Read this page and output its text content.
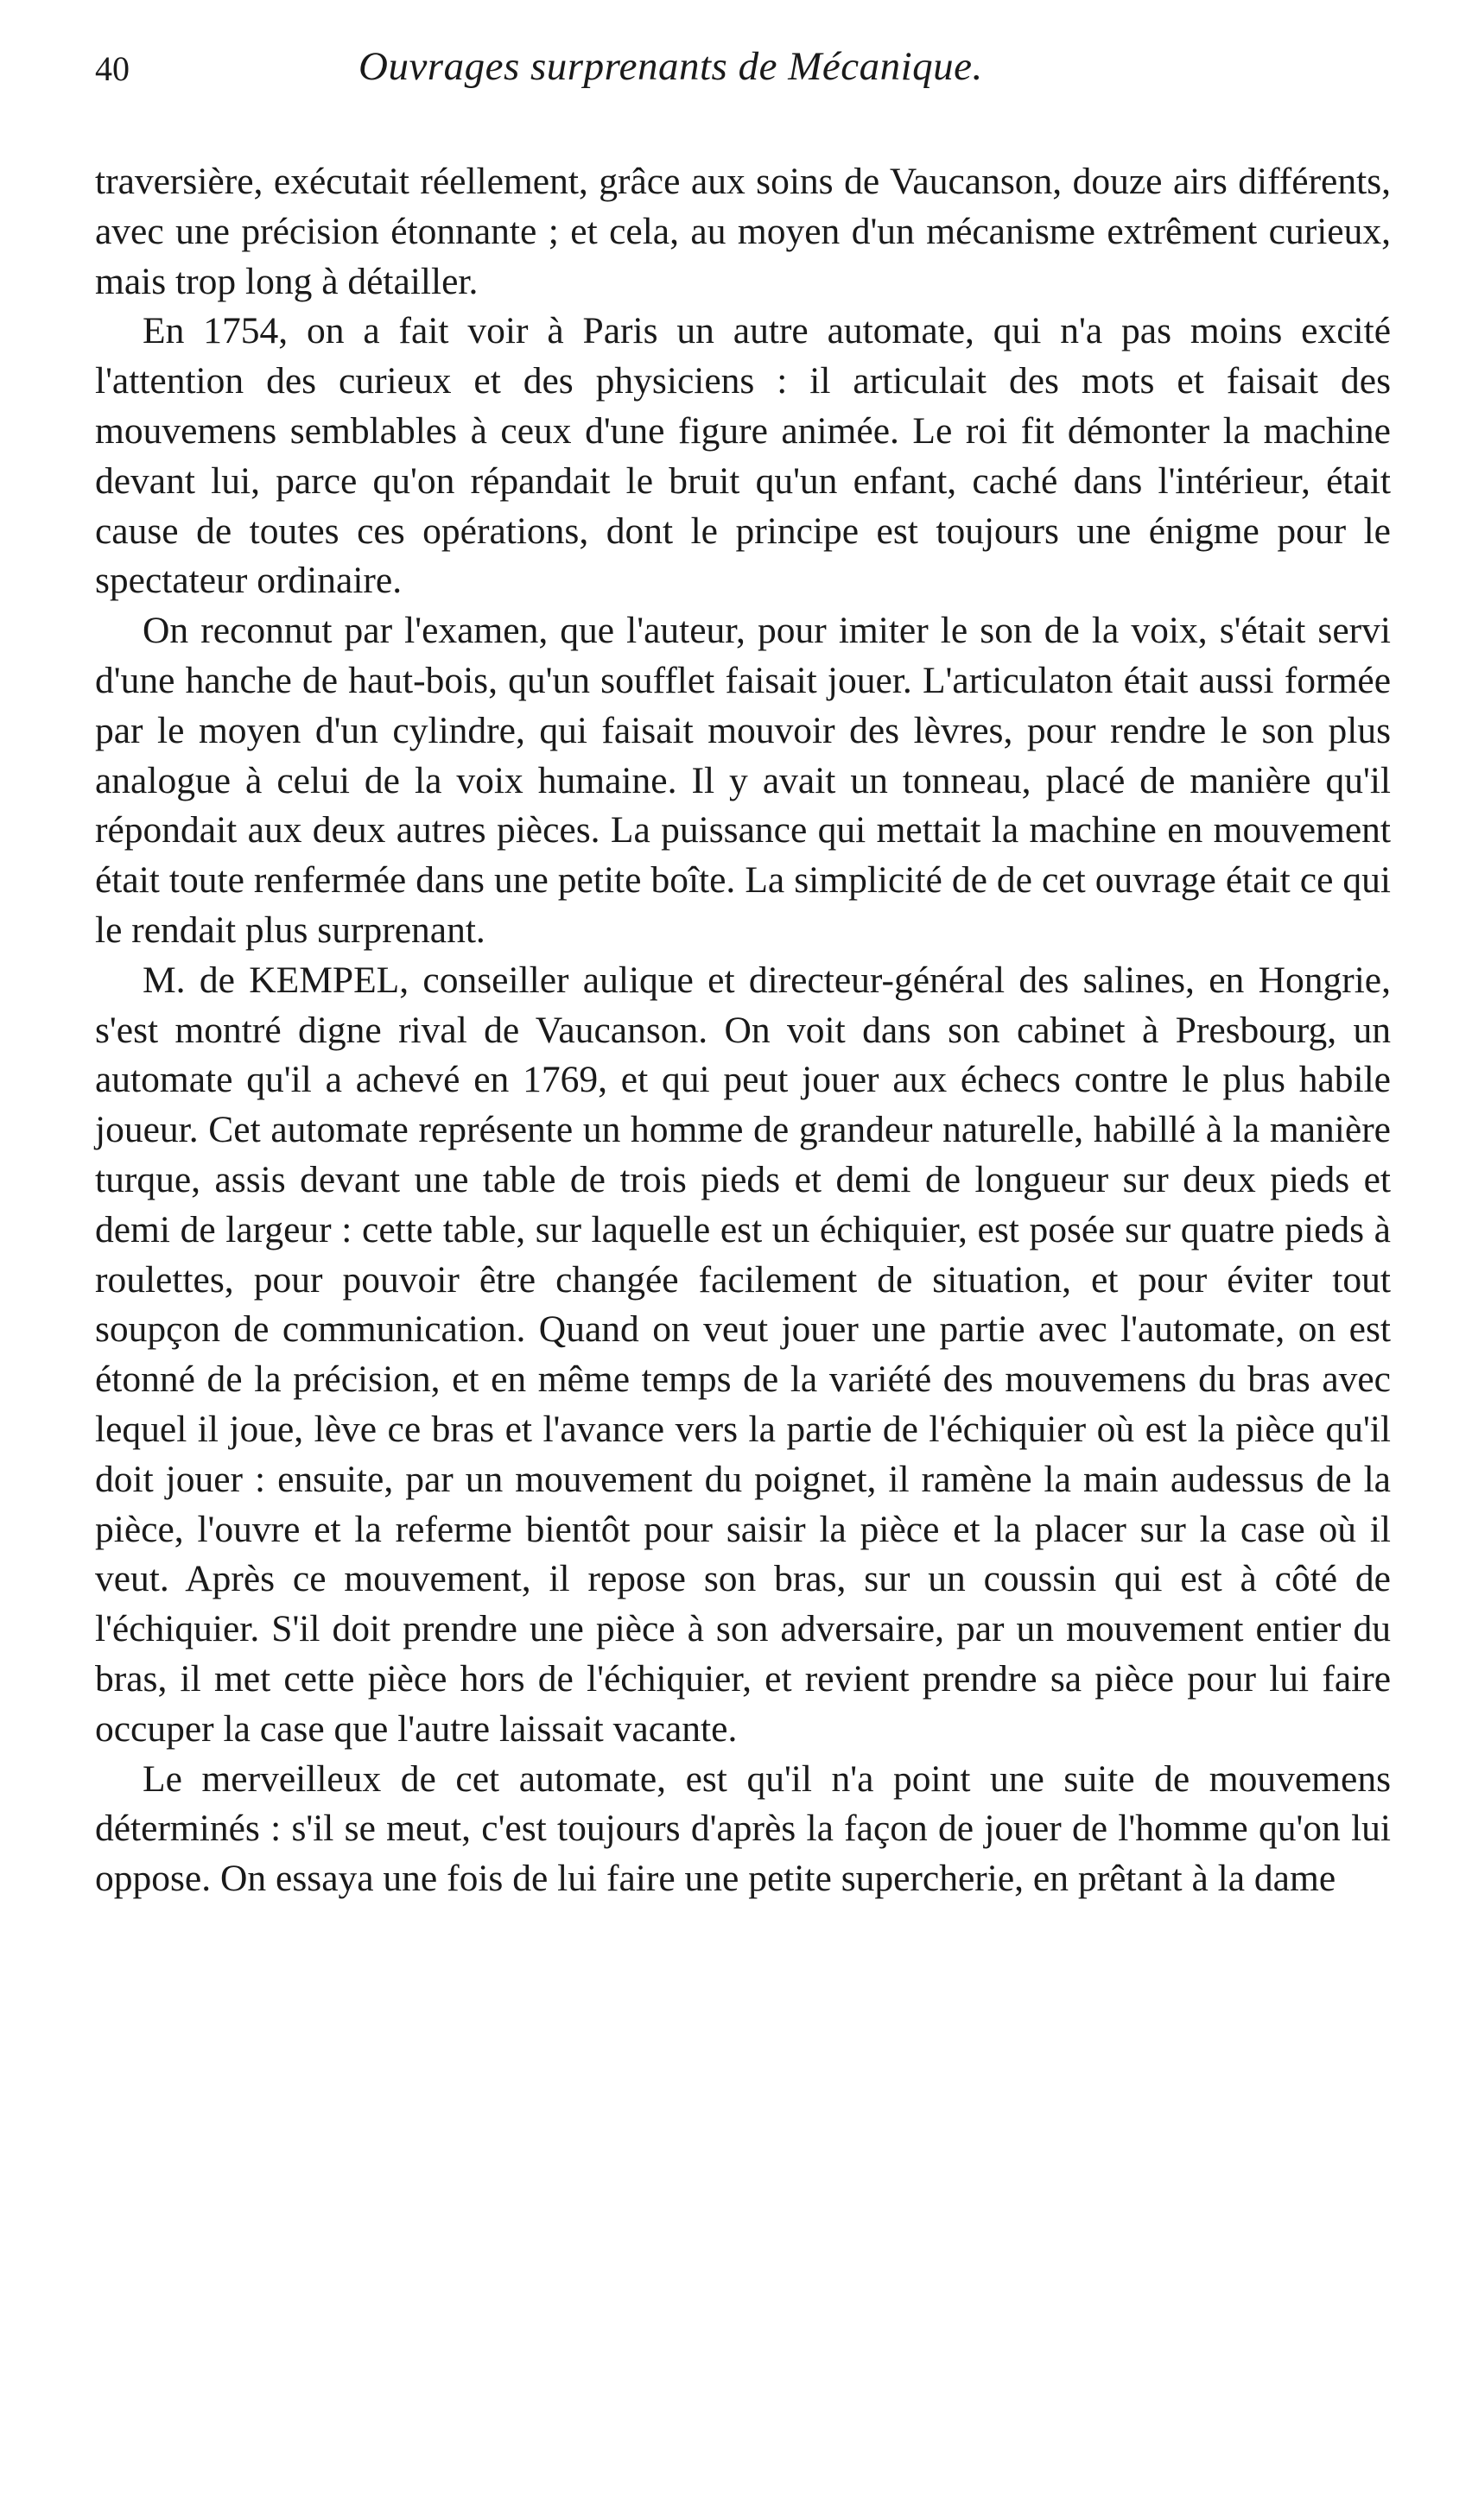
40	Ouvrages surprenants de Mécanique.

traversière, exécutait réellement, grâce aux soins de Vaucanson, douze airs différents, avec une précision étonnante ; et cela, au moyen d'un mécanisme extrêment curieux, mais trop long à détailler.

En 1754, on a fait voir à Paris un autre automate, qui n'a pas moins excité l'attention des curieux et des physiciens : il articulait des mots et faisait des mouvemens semblables à ceux d'une figure animée. Le roi fit démonter la machine devant lui, parce qu'on répandait le bruit qu'un enfant, caché dans l'intérieur, était cause de toutes ces opérations, dont le principe est toujours une énigme pour le spectateur ordinaire.

On reconnut par l'examen, que l'auteur, pour imiter le son de la voix, s'était servi d'une hanche de haut-bois, qu'un soufflet faisait jouer. L'articulaton était aussi formée par le moyen d'un cylindre, qui faisait mouvoir des lèvres, pour rendre le son plus analogue à celui de la voix humaine. Il y avait un tonneau, placé de manière qu'il répondait aux deux autres pièces. La puissance qui mettait la machine en mouvement était toute renfermée dans une petite boîte. La simplicité de de cet ouvrage était ce qui le rendait plus surprenant.

M. de KEMPEL, conseiller aulique et directeur-général des salines, en Hongrie, s'est montré digne rival de Vaucanson. On voit dans son cabinet à Presbourg, un automate qu'il a achevé en 1769, et qui peut jouer aux échecs contre le plus habile joueur. Cet automate représente un homme de grandeur naturelle, habillé à la manière turque, assis devant une table de trois pieds et demi de longueur sur deux pieds et demi de largeur : cette table, sur laquelle est un échiquier, est posée sur quatre pieds à roulettes, pour pouvoir être changée facilement de situation, et pour éviter tout soupçon de communication. Quand on veut jouer une partie avec l'automate, on est étonné de la précision, et en même temps de la variété des mouvemens du bras avec lequel il joue, lève ce bras et l'avance vers la partie de l'échiquier où est la pièce qu'il doit jouer : ensuite, par un mouvement du poignet, il ramène la main audessus de la pièce, l'ouvre et la referme bientôt pour saisir la pièce et la placer sur la case où il veut. Après ce mouvement, il repose son bras, sur un coussin qui est à côté de l'échiquier. S'il doit prendre une pièce à son adversaire, par un mouvement entier du bras, il met cette pièce hors de l'échiquier, et revient prendre sa pièce pour lui faire occuper la case que l'autre laissait vacante.

Le merveilleux de cet automate, est qu'il n'a point une suite de mouvemens déterminés : s'il se meut, c'est toujours d'après la façon de jouer de l'homme qu'on lui oppose. On essaya une fois de lui faire une petite supercherie, en prêtant à la dame
